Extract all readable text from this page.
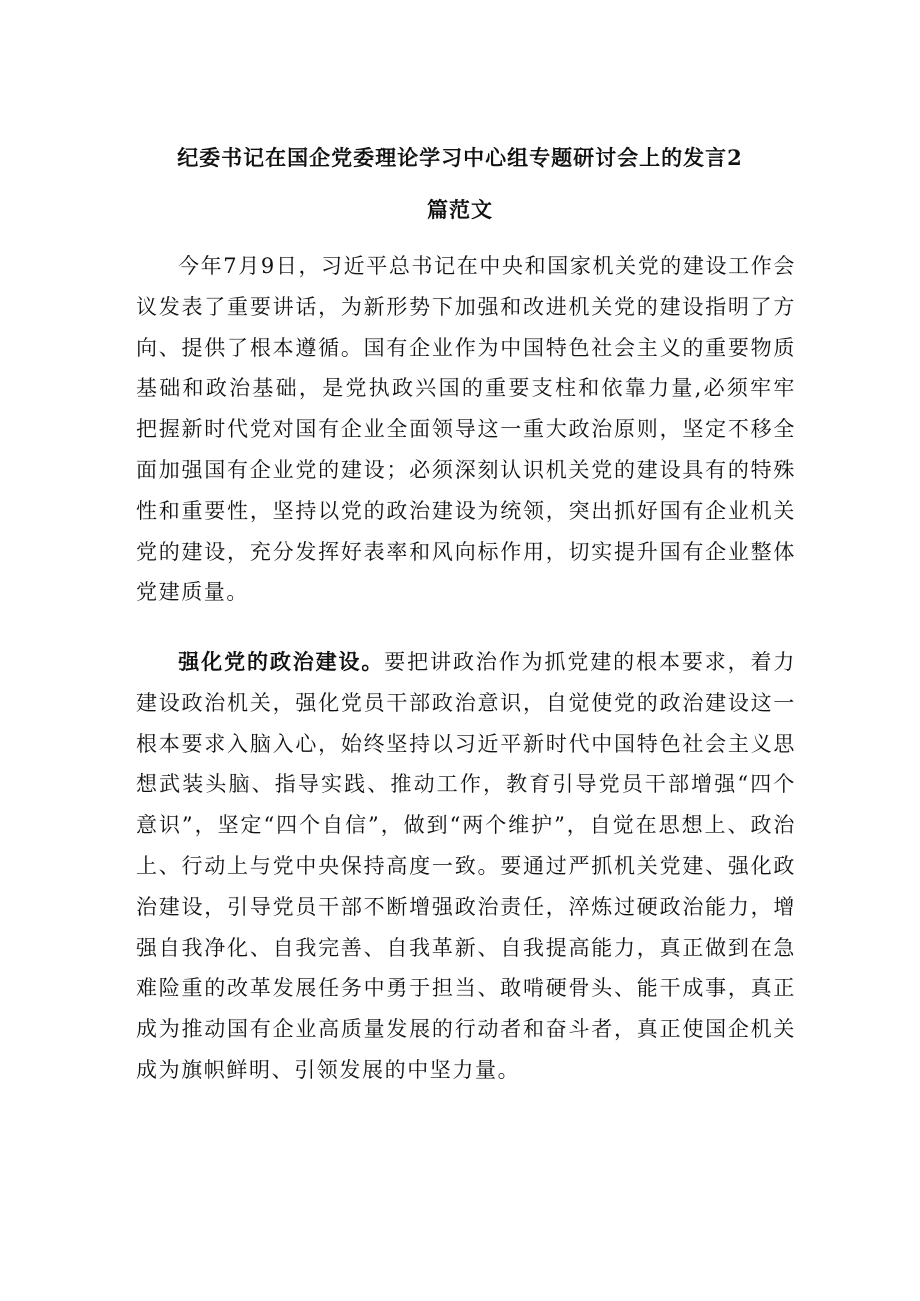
纪委书记在国企党委理论学习中心组专题研讨会上的发言2
篇范文

今年7月9日，习近平总书记在中央和国家机关党的建设工作会议发表了重要讲话，为新形势下加强和改进机关党的建设指明了方向、提供了根本遵循。国有企业作为中国特色社会主义的重要物质基础和政治基础，是党执政兴国的重要支柱和依靠力量,必须牢牢把握新时代党对国有企业全面领导这一重大政治原则，坚定不移全面加强国有企业党的建设；必须深刻认识机关党的建设具有的特殊性和重要性，坚持以党的政治建设为统领，突出抓好国有企业机关党的建设，充分发挥好表率和风向标作用，切实提升国有企业整体党建质量。

强化党的政治建设。要把讲政治作为抓党建的根本要求，着力建设政治机关，强化党员干部政治意识，自觉使党的政治建设这一根本要求入脑入心，始终坚持以习近平新时代中国特色社会主义思想武装头脑、指导实践、推动工作，教育引导党员干部增强“四个意识”，坚定“四个自信”，做到“两个维护”，自觉在思想上、政治上、行动上与党中央保持高度一致。要通过严抓机关党建、强化政治建设，引导党员干部不断增强政治责任，淬炼过硬政治能力，增强自我净化、自我完善、自我革新、自我提高能力，真正做到在急难险重的改革发展任务中勇于担当、敢啃硬骨头、能干成事，真正成为推动国有企业高质量发展的行动者和奋斗者，真正使国企机关成为旗帜鲜明、引领发展的中坚力量。
